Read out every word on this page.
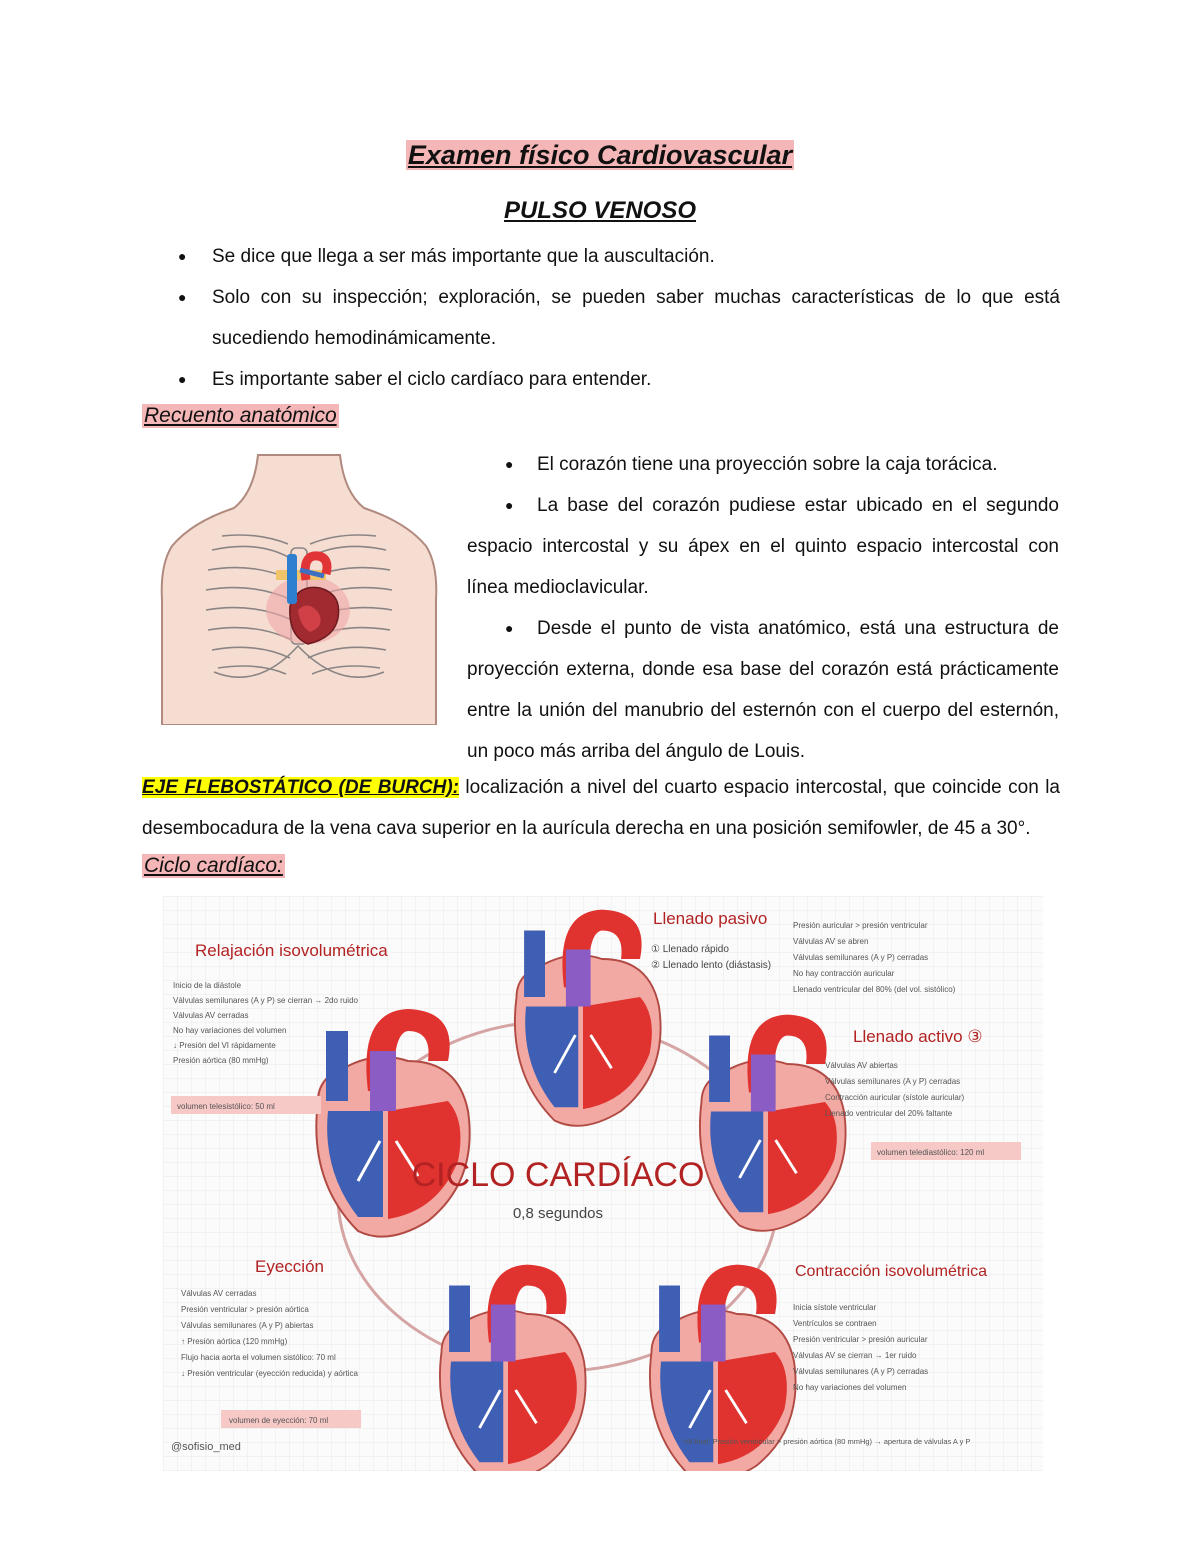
Examen físico Cardiovascular
PULSO VENOSO
● Se dice que llega a ser más importante que la auscultación.
● Solo con su inspección; exploración, se pueden saber muchas características de lo que está sucediendo hemodinámicamente.
● Es importante saber el ciclo cardíaco para entender.
Recuento anatómico
● El corazón tiene una proyección sobre la caja torácica.
● La base del corazón pudiese estar ubicado en el segundo espacio intercostal y su ápex en el quinto espacio intercostal con línea medioclavicular.
● Desde el punto de vista anatómico, está una estructura de proyección externa, donde esa base del corazón está prácticamente entre la unión del manubrio del esternón con el cuerpo del esternón, un poco más arriba del ángulo de Louis.
EJE FLEBOSTÁTICO (DE BURCH): localización a nivel del cuarto espacio intercostal, que coincide con la desembocadura de la vena cava superior en la aurícula derecha en una posición semifowler, de 45 a 30°.
Ciclo cardíaco:
CICLO CARDÍACO
0,8 segundos
Relajación isovolumétrica
Inicio de la diástole
Válvulas semilunares (A y P) se cierran → 2do ruido
Válvulas AV cerradas
No hay variaciones del volumen
↓ Presión del VI rápidamente
Presión aórtica (80 mmHg)
volumen telesistólico: 50 ml
Llenado pasivo
① Llenado rápido
② Llenado lento (diástasis)
Presión auricular > presión ventricular
Válvulas AV se abren
Válvulas semilunares (A y P) cerradas
No hay contracción auricular
Llenado ventricular del 80% (del vol. sistólico)
Llenado activo ③
Válvulas AV abiertas
Válvulas semilunares (A y P) cerradas
Contracción auricular (sístole auricular)
Llenado ventricular del 20% faltante
volumen telediastólico: 120 ml
Eyección
Válvulas AV cerradas
Presión ventricular > presión aórtica
Válvulas semilunares (A y P) abiertas
↑ Presión aórtica (120 mmHg)
Flujo hacia aorta el volumen sistólico: 70 ml
↓ Presión ventricular (eyección reducida) y aórtica
volumen de eyección: 70 ml
@sofisio_med
Contracción isovolumétrica
Inicia sístole ventricular
Ventrículos se contraen
Presión ventricular > presión auricular
Válvulas AV se cierran → 1er ruido
Válvulas semilunares (A y P) cerradas
No hay variaciones del volumen
*Al final: Presión ventricular > presión aórtica (80 mmHg) → apertura de válvulas A y P
